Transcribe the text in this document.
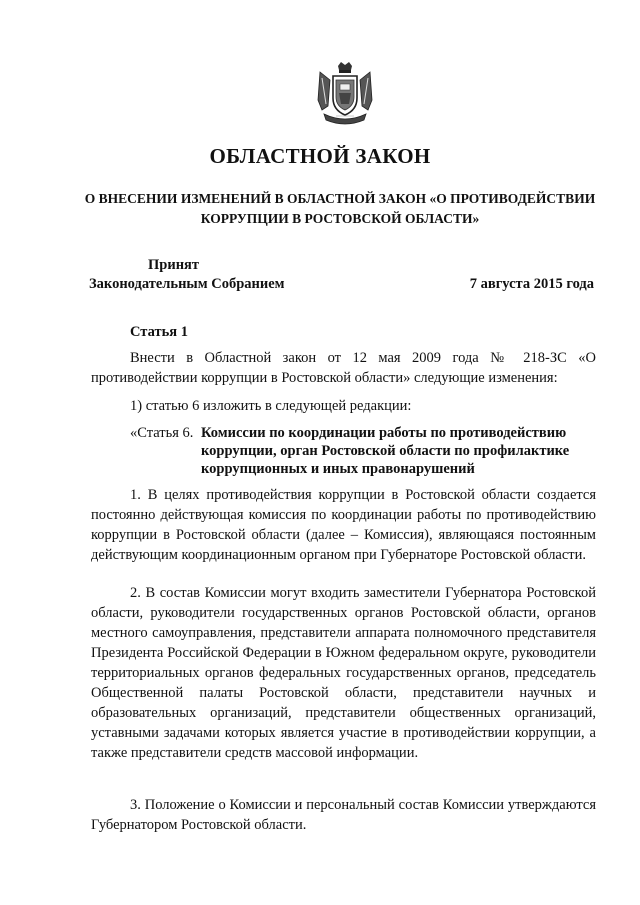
ОБЛАСТНОЙ ЗАКОН
О ВНЕСЕНИИ ИЗМЕНЕНИЙ В ОБЛАСТНОЙ ЗАКОН «О ПРОТИВОДЕЙСТВИИ КОРРУПЦИИ В РОСТОВСКОЙ ОБЛАСТИ»
Принят
Законодательным Собранием	7 августа 2015 года
Статья 1

Внести в Областной закон от 12 мая 2009 года № 218-ЗС «О противодействии коррупции в Ростовской области» следующие изменения:

1) статью 6 изложить в следующей редакции:

«Статья 6. Комиссии по координации работы по противодействию коррупции, орган Ростовской области по профилактике коррупционных и иных правонарушений

1. В целях противодействия коррупции в Ростовской области создается постоянно действующая комиссия по координации работы по противодействию коррупции в Ростовской области (далее – Комиссия), являющаяся постоянным действующим координационным органом при Губернаторе Ростовской области.

2. В состав Комиссии могут входить заместители Губернатора Ростовской области, руководители государственных органов Ростовской области, органов местного самоуправления, представители аппарата полномочного представителя Президента Российской Федерации в Южном федеральном округе, руководители территориальных органов федеральных государственных органов, председатель Общественной палаты Ростовской области, представители научных и образовательных организаций, представители общественных организаций, уставными задачами которых является участие в противодействии коррупции, а также представители средств массовой информации.

3. Положение о Комиссии и персональный состав Комиссии утверждаются Губернатором Ростовской области.
